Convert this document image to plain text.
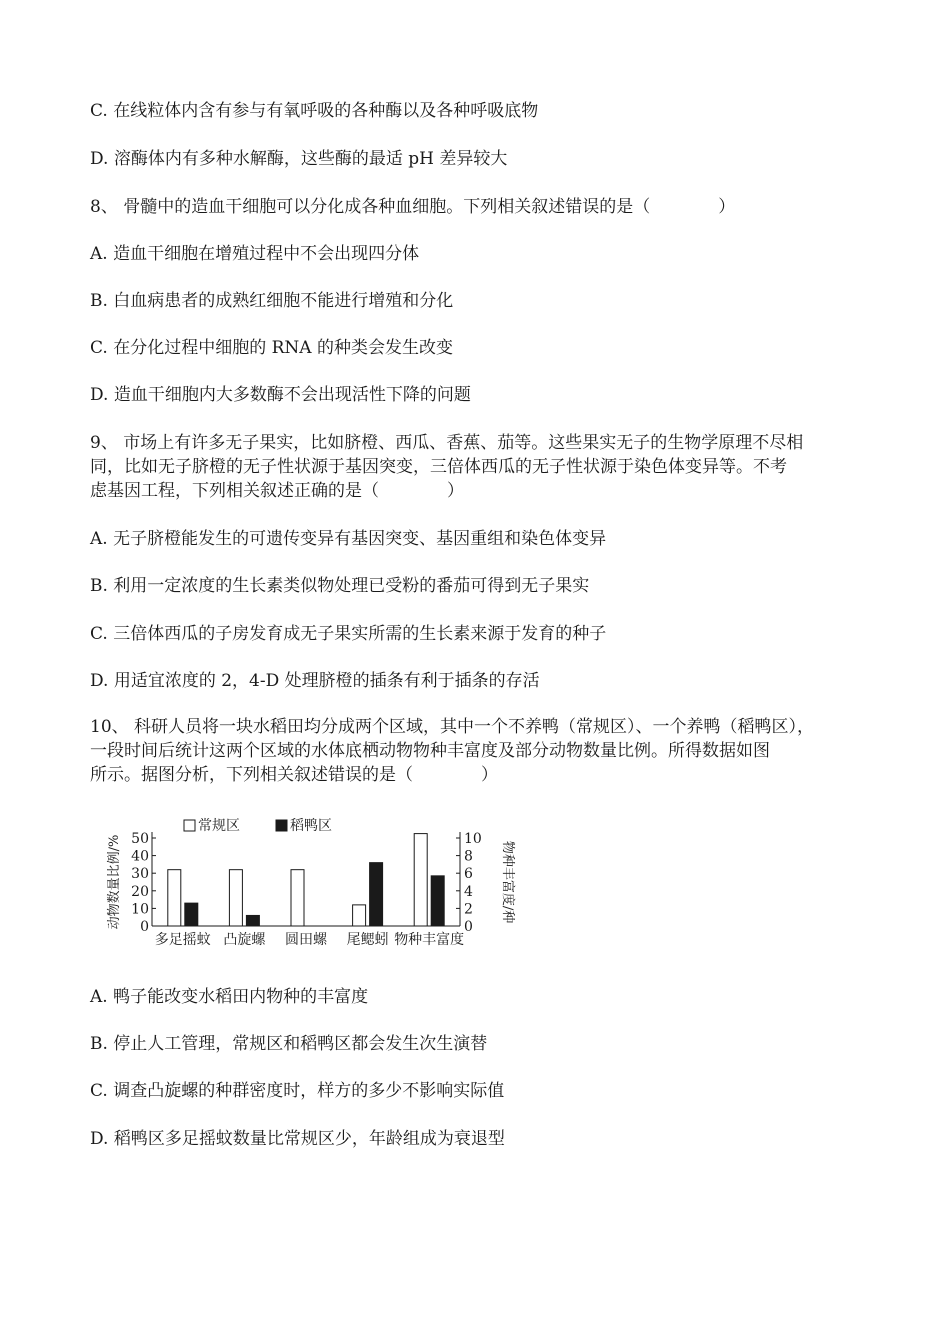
C. 在线粒体内含有参与有氧呼吸的各种酶以及各种呼吸底物
D. 溶酶体内有多种水解酶，这些酶的最适 pH 差异较大
8、 骨髓中的造血干细胞可以分化成各种血细胞。下列相关叙述错误的是（　　　　）
A. 造血干细胞在增殖过程中不会出现四分体
B. 白血病患者的成熟红细胞不能进行增殖和分化
C. 在分化过程中细胞的 RNA 的种类会发生改变
D. 造血干细胞内大多数酶不会出现活性下降的问题
9、 市场上有许多无子果实，比如脐橙、西瓜、香蕉、茄等。这些果实无子的生物学原理不尽相
同，比如无子脐橙的无子性状源于基因突变，三倍体西瓜的无子性状源于染色体变异等。不考
虑基因工程，下列相关叙述正确的是（　　　　）
A. 无子脐橙能发生的可遗传变异有基因突变、基因重组和染色体变异
B. 利用一定浓度的生长素类似物处理已受粉的番茄可得到无子果实
C. 三倍体西瓜的子房发育成无子果实所需的生长素来源于发育的种子
D. 用适宜浓度的 2，4-D 处理脐橙的插条有利于插条的存活
10、 科研人员将一块水稻田均分成两个区域，其中一个不养鸭（常规区）、一个养鸭（稻鸭区），
一段时间后统计这两个区域的水体底栖动物物种丰富度及部分动物数量比例。所得数据如图
所示。据图分析，下列相关叙述错误的是（　　　　）
常规区	稻鸭区
0
10
20
30
40
50
0
2
4
6
8
10
动物数量比例/%	物种丰富度/种
多足摇蚊 凸旋螺 圆田螺 尾鳃蚓 物种丰富度
A. 鸭子能改变水稻田内物种的丰富度
B. 停止人工管理，常规区和稻鸭区都会发生次生演替
C. 调查凸旋螺的种群密度时，样方的多少不影响实际值
D. 稻鸭区多足摇蚊数量比常规区少，年龄组成为衰退型
